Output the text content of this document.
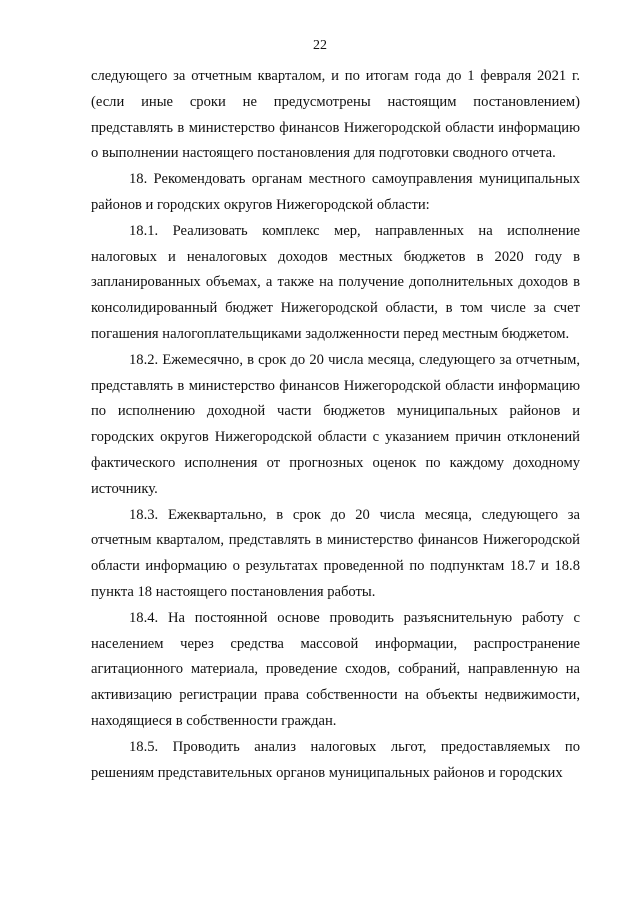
22

следующего за отчетным кварталом, и по итогам года до 1 февраля 2021 г. (если иные сроки не предусмотрены настоящим постановлением) представлять в министерство финансов Нижегородской области информацию о выполнении настоящего постановления для подготовки сводного отчета.

18. Рекомендовать органам местного самоуправления муниципальных районов и городских округов Нижегородской области:

18.1. Реализовать комплекс мер, направленных на исполнение налоговых и неналоговых доходов местных бюджетов в 2020 году в запланированных объемах, а также на получение дополнительных доходов в консолидированный бюджет Нижегородской области, в том числе за счет погашения налогоплательщиками задолженности перед местным бюджетом.

18.2. Ежемесячно, в срок до 20 числа месяца, следующего за отчетным, представлять в министерство финансов Нижегородской области информацию по исполнению доходной части бюджетов муниципальных районов и городских округов Нижегородской области с указанием причин отклонений фактического исполнения от прогнозных оценок по каждому доходному источнику.

18.3. Ежеквартально, в срок до 20 числа месяца, следующего за отчетным кварталом, представлять в министерство финансов Нижегородской области информацию о результатах проведенной по подпунктам 18.7 и 18.8 пункта 18 настоящего постановления работы.

18.4. На постоянной основе проводить разъяснительную работу с населением через средства массовой информации, распространение агитационного материала, проведение сходов, собраний, направленную на активизацию регистрации права собственности на объекты недвижимости, находящиеся в собственности граждан.

18.5. Проводить анализ налоговых льгот, предоставляемых по решениям представительных органов муниципальных районов и городских
